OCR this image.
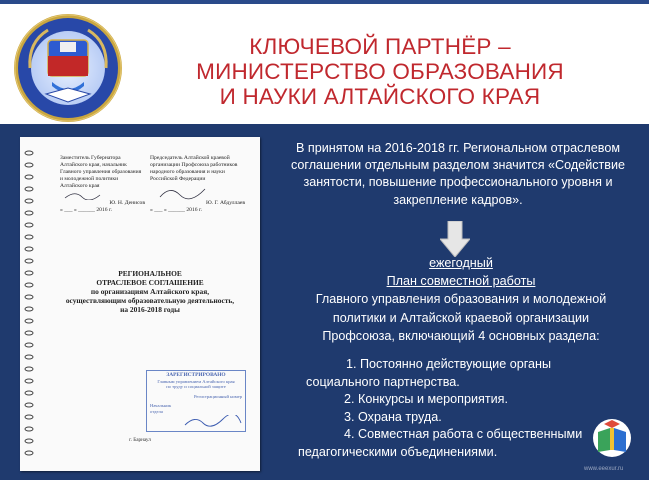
КЛЮЧЕВОЙ ПАРТНЁР –
МИНИСТЕРСТВО ОБРАЗОВАНИЯ
И НАУКИ АЛТАЙСКОГО КРАЯ
Заместитель Губернатора
Алтайского края, начальник
Главного управления образования
и молодежной политики
Алтайского края
Ю. Н. Денисов
« ___ » ______ 2016 г.
Председатель Алтайской краевой
организации Профсоюза работников
народного образования и науки
Российской Федерации
Ю. Г. Абдуллаев
« ___ » ______ 2016 г.
РЕГИОНАЛЬНОЕ
ОТРАСЛЕВОЕ СОГЛАШЕНИЕ
по организациям Алтайского края,
осуществляющим образовательную деятельность,
на 2016-2018 годы
ЗАРЕГИСТРИРОВАНО
Главным управлением Алтайского края
по труду и социальной защите
Регистрационный номер
Начальник
отдела
г. Барнаул
В принятом на 2016-2018 гг. Региональном отраслевом соглашении отдельным разделом значится «Содействие занятости, повышение профессионального уровня и закрепление кадров».
ежегодный
План совместной работы
Главного управления образования и молодежной политики и Алтайской краевой организации Профсоюза, включающий 4 основных раздела:
1. Постоянно действующие органы
социального партнерства.
2. Конкурсы и мероприятия.
3. Охрана труда.
4. Совместная работа с общественными
педагогическими объединениями.
www.eeexur.ru
